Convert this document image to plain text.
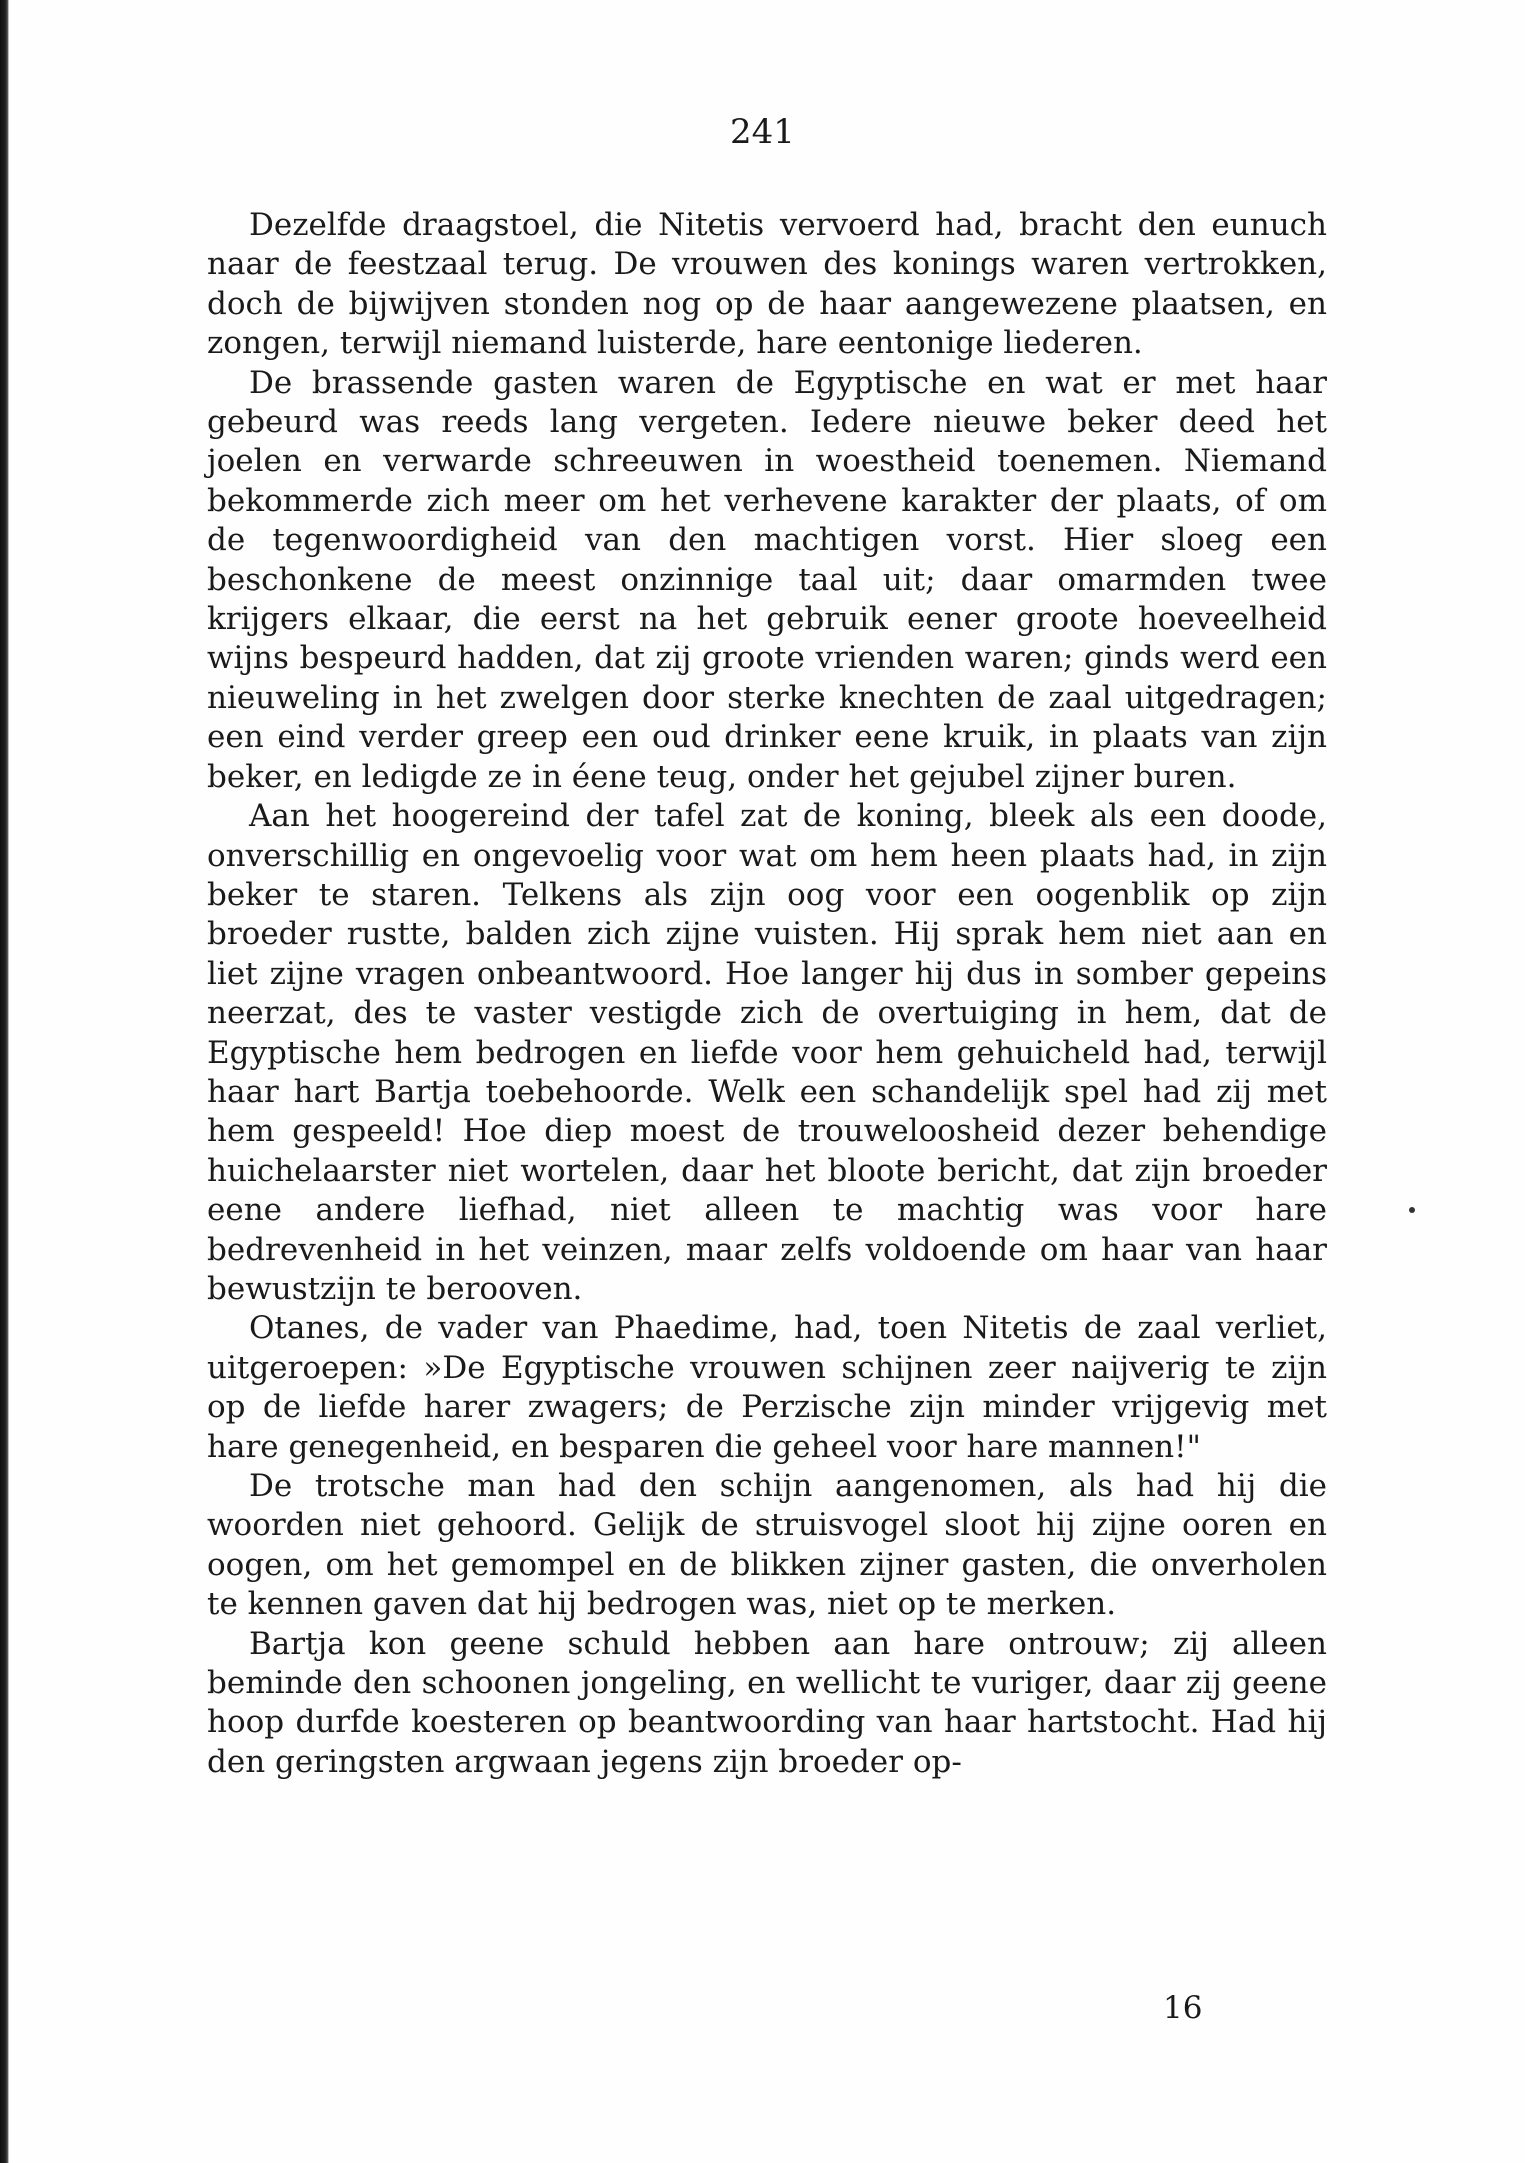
241

Dezelfde draagstoel, die Nitetis vervoerd had, bracht den eunuch naar de feestzaal terug. De vrouwen des konings waren vertrokken, doch de bijwijven stonden nog op de haar aangewezene plaatsen, en zongen, terwijl niemand luisterde, hare eentonige liederen.

De brassende gasten waren de Egyptische en wat er met haar gebeurd was reeds lang vergeten. Iedere nieuwe beker deed het joelen en verwarde schreeuwen in woestheid toenemen. Niemand bekommerde zich meer om het verhevene karakter der plaats, of om de tegenwoordigheid van den machtigen vorst. Hier sloeg een beschonkene de meest onzinnige taal uit; daar omarmden twee krijgers elkaar, die eerst na het gebruik eener groote hoeveelheid wijns bespeurd hadden, dat zij groote vrienden waren; ginds werd een nieuweling in het zwelgen door sterke knechten de zaal uitgedragen; een eind verder greep een oud drinker eene kruik, in plaats van zijn beker, en ledigde ze in éene teug, onder het gejubel zijner buren.

Aan het hoogereind der tafel zat de koning, bleek als een doode, onverschillig en ongevoelig voor wat om hem heen plaats had, in zijn beker te staren. Telkens als zijn oog voor een oogenblik op zijn broeder rustte, balden zich zijne vuisten. Hij sprak hem niet aan en liet zijne vragen onbeantwoord. Hoe langer hij dus in somber gepeins neerzat, des te vaster vestigde zich de overtuiging in hem, dat de Egyptische hem bedrogen en liefde voor hem gehuicheld had, terwijl haar hart Bartja toebehoorde. Welk een schandelijk spel had zij met hem gespeeld! Hoe diep moest de trouweloosheid dezer behendige huichelaarster niet wortelen, daar het bloote bericht, dat zijn broeder eene andere liefhad, niet alleen te machtig was voor hare bedrevenheid in het veinzen, maar zelfs voldoende om haar van haar bewustzijn te berooven.

Otanes, de vader van Phaedime, had, toen Nitetis de zaal verliet, uitgeroepen: »De Egyptische vrouwen schijnen zeer naijverig te zijn op de liefde harer zwagers; de Perzische zijn minder vrijgevig met hare genegenheid, en besparen die geheel voor hare mannen!"

De trotsche man had den schijn aangenomen, als had hij die woorden niet gehoord. Gelijk de struisvogel sloot hij zijne ooren en oogen, om het gemompel en de blikken zijner gasten, die onverholen te kennen gaven dat hij bedrogen was, niet op te merken.

Bartja kon geene schuld hebben aan hare ontrouw; zij alleen beminde den schoonen jongeling, en wellicht te vuriger, daar zij geene hoop durfde koesteren op beantwoording van haar hartstocht. Had hij den geringsten argwaan jegens zijn broeder op-

16
